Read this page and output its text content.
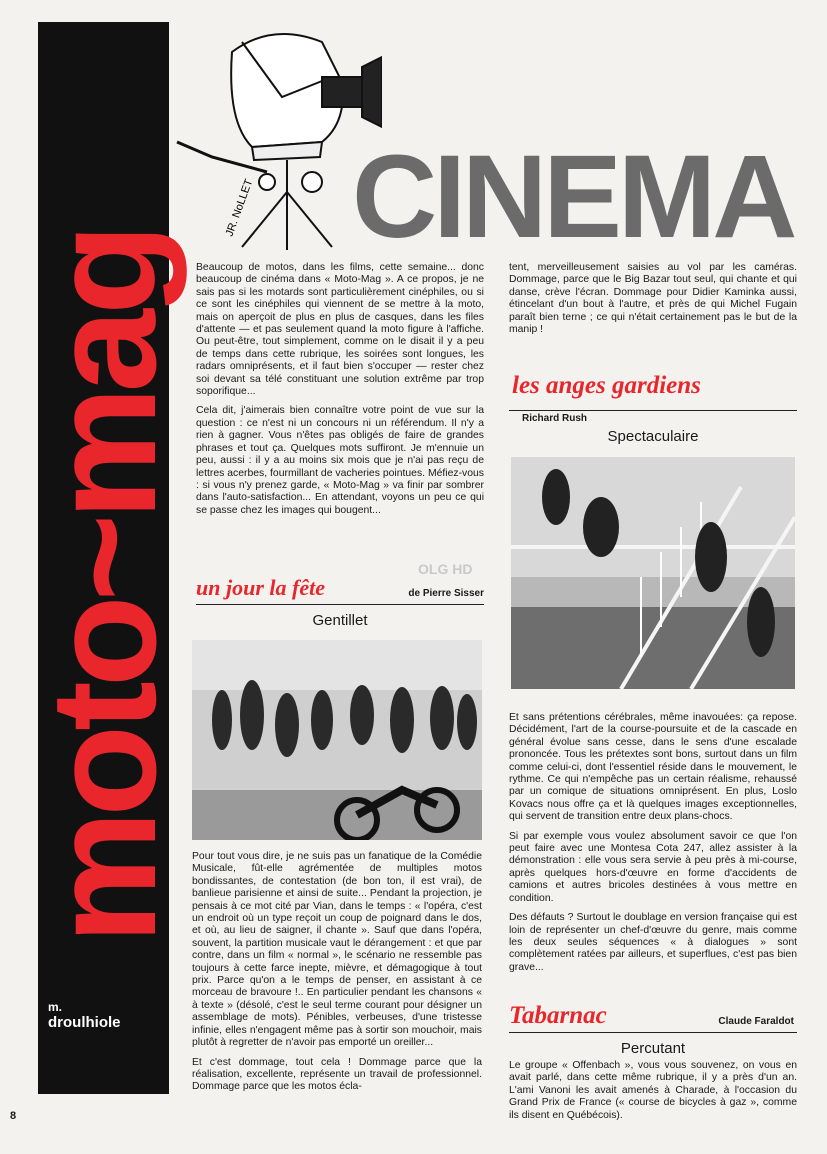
moto~mag
m.
droulhiole
JR. NoLLET CINEMA

Beaucoup de motos, dans les films, cette semaine... donc beaucoup de cinéma dans « Moto-Mag ». A ce propos, je ne sais pas si les motards sont particulièrement cinéphiles, ou si ce sont les cinéphiles qui viennent de se mettre à la moto, mais on aperçoit de plus en plus de casques, dans les files d'attente — et pas seulement quand la moto figure à l'affiche. Ou peut-être, tout simplement, comme on le disait il y a peu de temps dans cette rubrique, les soirées sont longues, les radars omniprésents, et il faut bien s'occuper — rester chez soi devant sa télé constituant une solution extrême par trop soporifique...

Cela dit, j'aimerais bien connaître votre point de vue sur la question : ce n'est ni un concours ni un référendum. Il n'y a rien à gagner. Vous n'êtes pas obligés de faire de grandes phrases et tout ça. Quelques mots suffiront. Je m'ennuie un peu, aussi : il y a au moins six mois que je n'ai pas reçu de lettres acerbes, fourmillant de vacheries pointues. Méfiez-vous : si vous n'y prenez garde, « Moto-Mag » va finir par sombrer dans l'auto-satisfaction... En attendant, voyons un peu ce qui se passe chez les images qui bougent...

un jour la fête	de Pierre Sisser
OLG HD
Gentillet

Pour tout vous dire, je ne suis pas un fanatique de la Comédie Musicale, fût-elle agrémentée de multiples motos bondissantes, de contestation (de bon ton, il est vrai), de banlieue parisienne et ainsi de suite... Pendant la projection, je pensais à ce mot cité par Vian, dans le temps : « l'opéra, c'est un endroit où un type reçoit un coup de poignard dans le dos, et où, au lieu de saigner, il chante ». Sauf que dans l'opéra, souvent, la partition musicale vaut le dérangement : et que par contre, dans un film « normal », le scénario ne ressemble pas toujours à cette farce inepte, mièvre, et démagogique à tout prix. Parce qu'on a le temps de penser, en assistant à ce morceau de bravoure !.. En particulier pendant les chansons « à texte » (désolé, c'est le seul terme courant pour désigner un assemblage de mots). Pénibles, verbeuses, d'une tristesse infinie, elles n'engagent même pas à sortir son mouchoir, mais plutôt à regretter de n'avoir pas emporté un oreiller...

Et c'est dommage, tout cela ! Dommage parce que la réalisation, excellente, représente un travail de professionnel. Dommage parce que les motos écla-

tent, merveilleusement saisies au vol par les caméras. Dommage, parce que le Big Bazar tout seul, qui chante et qui danse, crève l'écran. Dommage pour Didier Kaminka aussi, étincelant d'un bout à l'autre, et près de qui Michel Fugain paraît bien terne ; ce qui n'était certainement pas le but de la manip !

les anges gardiens
Richard Rush
Spectaculaire

Et sans prétentions cérébrales, même inavouées: ça repose. Décidément, l'art de la course-poursuite et de la cascade en général évolue sans cesse, dans le sens d'une escalade prononcée. Tous les prétextes sont bons, surtout dans un film comme celui-ci, dont l'essentiel réside dans le mouvement, le rythme. Ce qui n'empêche pas un certain réalisme, rehaussé par un comique de situations omniprésent. En plus, Loslo Kovacs nous offre ça et là quelques images exceptionnelles, qui servent de transition entre deux plans-chocs.

Si par exemple vous voulez absolument savoir ce que l'on peut faire avec une Montesa Cota 247, allez assister à la démonstration : elle vous sera servie à peu près à mi-course, après quelques hors-d'œuvre en forme d'accidents de camions et autres bricoles destinées à vous mettre en condition.

Des défauts ? Surtout le doublage en version française qui est loin de représenter un chef-d'œuvre du genre, mais comme les deux seules séquences « à dialogues » sont complètement ratées par ailleurs, et superflues, c'est pas bien grave...

Tabarnac	Claude Faraldot
Percutant

Le groupe « Offenbach », vous vous souvenez, on vous en avait parlé, dans cette même rubrique, il y a près d'un an. L'ami Vanoni les avait amenés à Charade, à l'occasion du Grand Prix de France (« course de bicycles à gaz », comme ils disent en Québécois).

8
